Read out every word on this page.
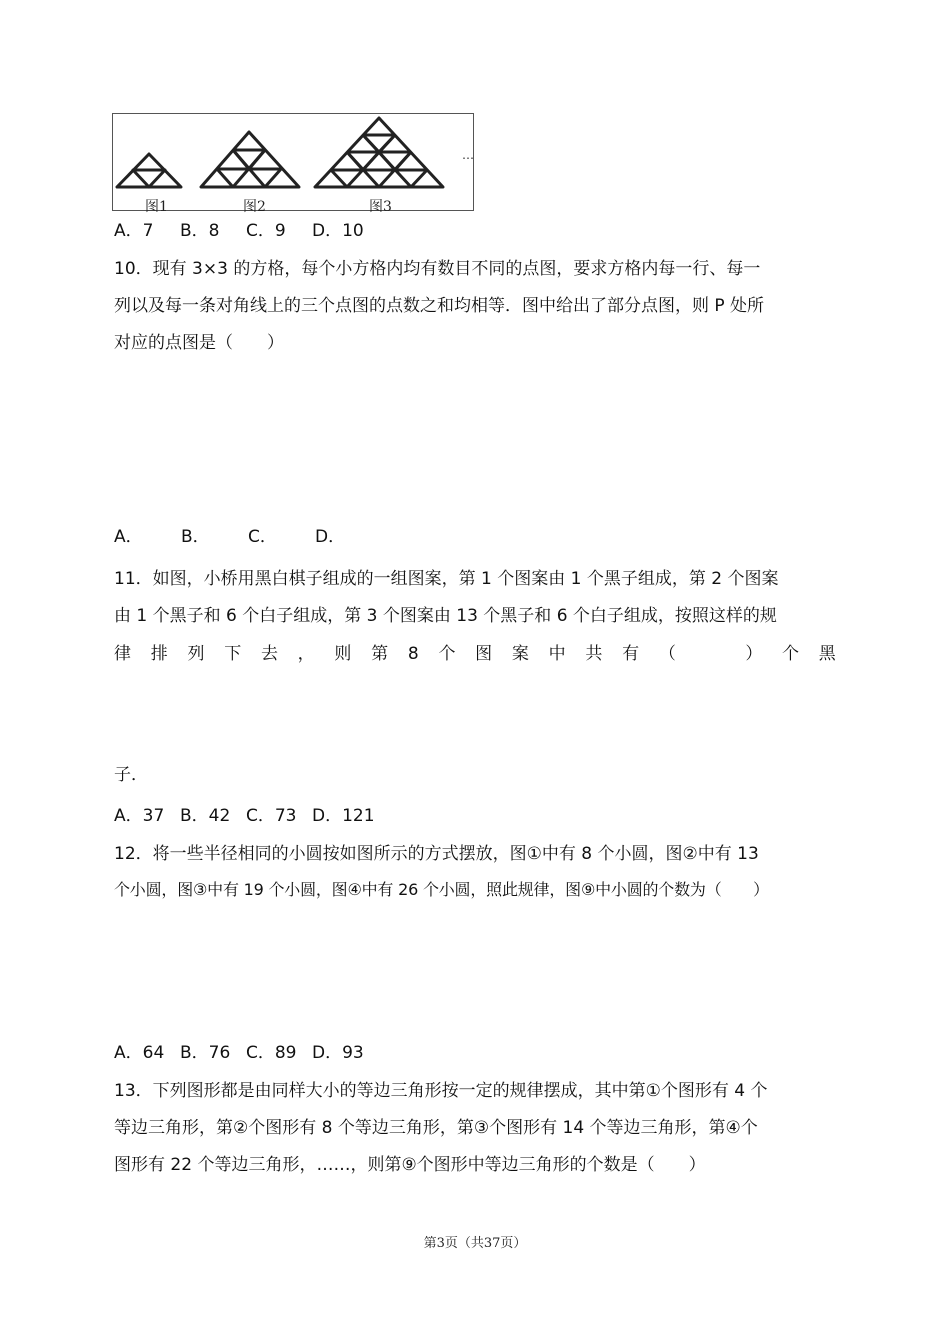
图1	图2	图3
…
A．7 B．8 C．9 D．10
10．现有 3×3 的方格，每个小方格内均有数目不同的点图，要求方格内每一行、每一
列以及每一条对角线上的三个点图的点数之和均相等．图中给出了部分点图，则 P 处所
对应的点图是（　　）
A． B． C． D．
11．如图，小桥用黑白棋子组成的一组图案，第 1 个图案由 1 个黑子组成，第 2 个图案
由 1 个黑子和 6 个白子组成，第 3 个图案由 13 个黑子和 6 个白子组成，按照这样的规
律 排 列 下 去 ， 则 第 8 个 图 案 中 共 有 （	） 个 黑
子．
A．37 B．42 C．73 D．121
12．将一些半径相同的小圆按如图所示的方式摆放，图①中有 8 个小圆，图②中有 13
个小圆，图③中有 19 个小圆，图④中有 26 个小圆，照此规律，图⑨中小圆的个数为（　　）
A．64 B．76 C．89 D．93
13．下列图形都是由同样大小的等边三角形按一定的规律摆成，其中第①个图形有 4 个
等边三角形，第②个图形有 8 个等边三角形，第③个图形有 14 个等边三角形，第④个
图形有 22 个等边三角形，……，则第⑨个图形中等边三角形的个数是（　　）
第3页（共37页）
